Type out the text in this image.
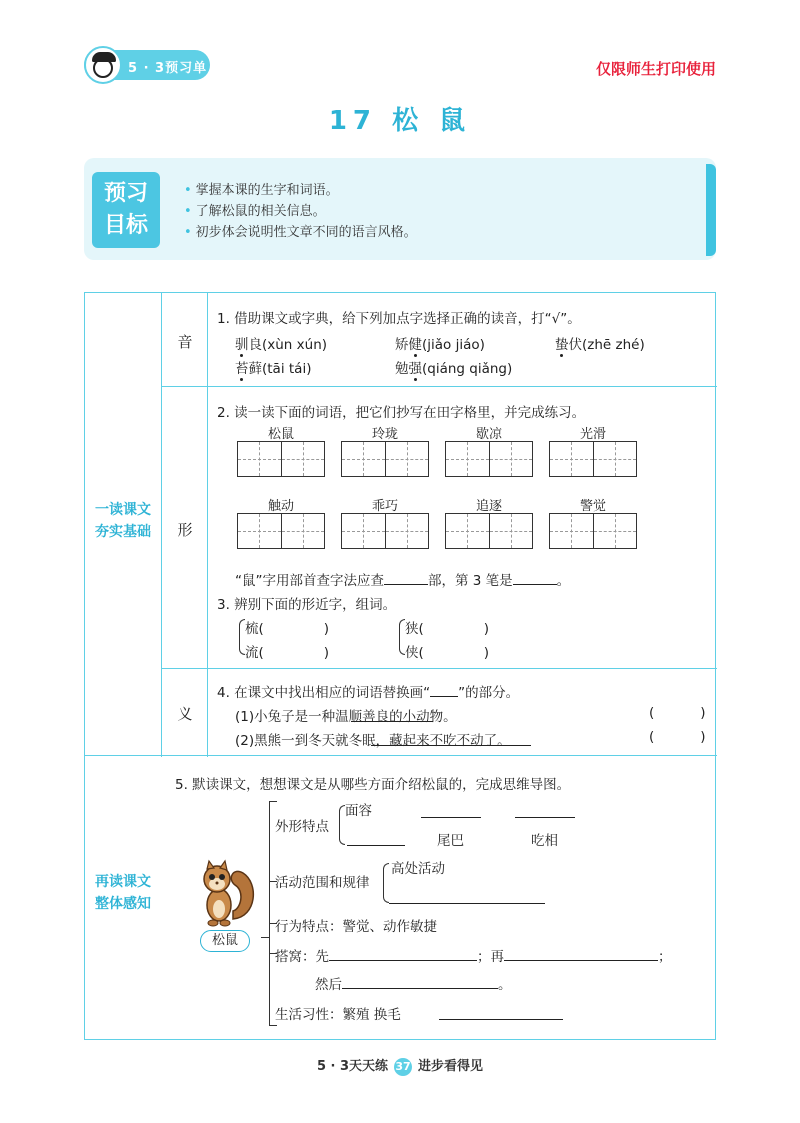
5 · 3预习单	仅限师生打印使用
17 松 鼠
预习
目标
• 掌握本课的生字和词语。
• 了解松鼠的相关信息。
• 初步体会说明性文章不同的语言风格。
一读课文
夯实基础
再读课文
整体感知
音
形
义
1. 借助课文或字典，给下列加点字选择正确的读音，打“√”。
驯良(xùn xún)	矫健(jiǎo jiáo)	蛰伏(zhē zhé)
苔藓(tāi tái)	勉强(qiáng qiǎng)
2. 读一读下面的词语，把它们抄写在田字格里，并完成练习。
松鼠	玲珑	歇凉	光滑
触动	乖巧	追逐	警觉
“鼠”字用部首查字法应查	部，第 3 笔是	。
3. 辨别下面的形近字，组词。
梳(	)
流(	)
狭(	)
侠(	)
4. 在课文中找出相应的词语替换画“ ”的部分。
(1)小兔子是一种温顺善良的小动物。	(	)
(2)黑熊一到冬天就冬眠，藏起来不吃不动了。	(	)
5. 默读课文，想想课文是从哪些方面介绍松鼠的，完成思维导图。
外形特点
面容
尾巴	吃相
活动范围和规律
高处活动
行为特点：警觉、动作敏捷
搭窝：先	；再	；
然后	。
生活习性：繁殖 换毛
松鼠
5 · 3天天练 37 进步看得见
